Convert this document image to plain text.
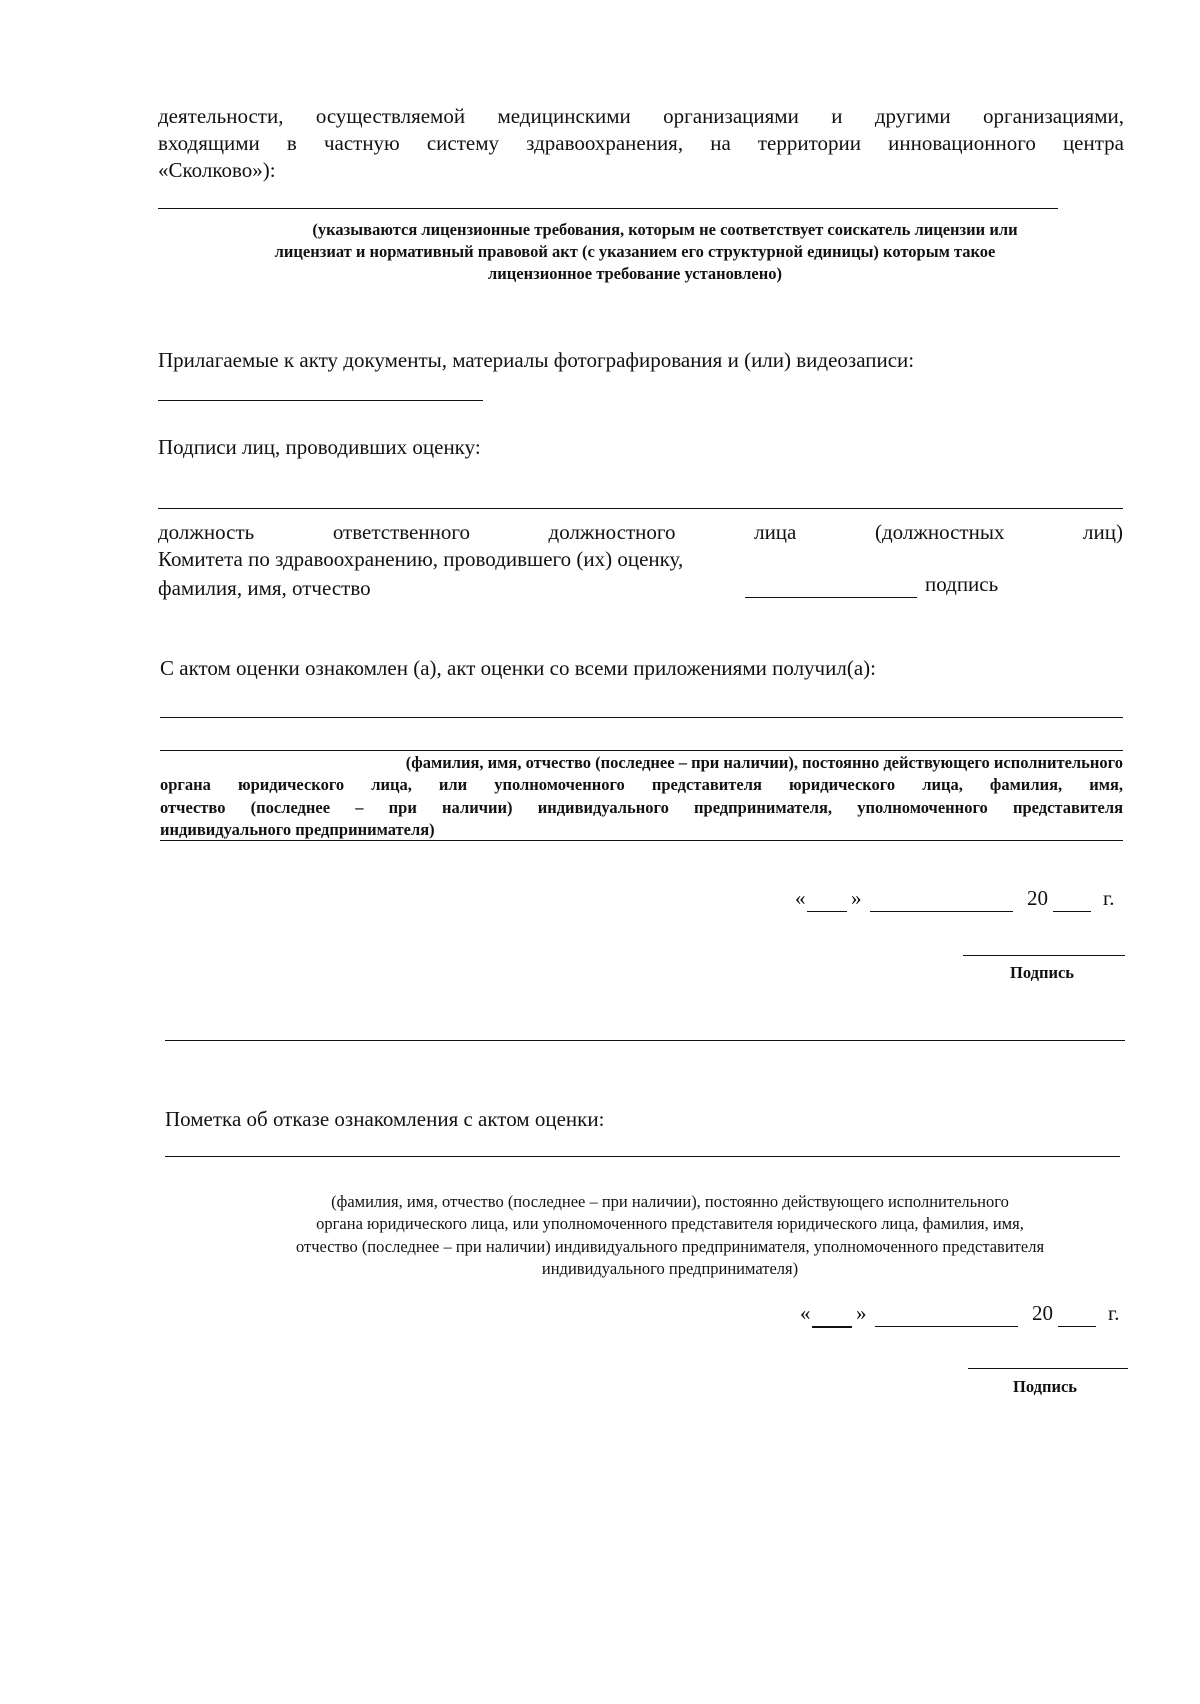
деятельности, осуществляемой медицинскими организациями и другими организациями,
входящими в частную систему здравоохранения, на территории инновационного центра
«Сколково»):
(указываются лицензионные требования, которым не соответствует соискатель лицензии или
лицензиат и нормативный правовой акт (с указанием его структурной единицы) которым такое
лицензионное требование установлено)
Прилагаемые к акту документы, материалы фотографирования и (или) видеозаписи:
Подписи лиц, проводивших оценку:
должность	ответственного	должностного	лица	(должностных	лиц)
Комитета по здравоохранению, проводившего (их) оценку,
фамилия, имя, отчество	подпись
С актом оценки ознакомлен (а), акт оценки со всеми приложениями получил(а):
(фамилия, имя, отчество (последнее – при наличии), постоянно действующего исполнительного
органа юридического лица, или уполномоченного представителя юридического лица, фамилия, имя,
отчество (последнее – при наличии) индивидуального предпринимателя, уполномоченного представителя
индивидуального предпринимателя)
« »	20	г.
Подпись
Пометка об отказе ознакомления с актом оценки:
(фамилия, имя, отчество (последнее – при наличии), постоянно действующего исполнительного
органа юридического лица, или уполномоченного представителя юридического лица, фамилия, имя,
отчество (последнее – при наличии) индивидуального предпринимателя, уполномоченного представителя
индивидуального предпринимателя)
« »	20	г.
Подпись
